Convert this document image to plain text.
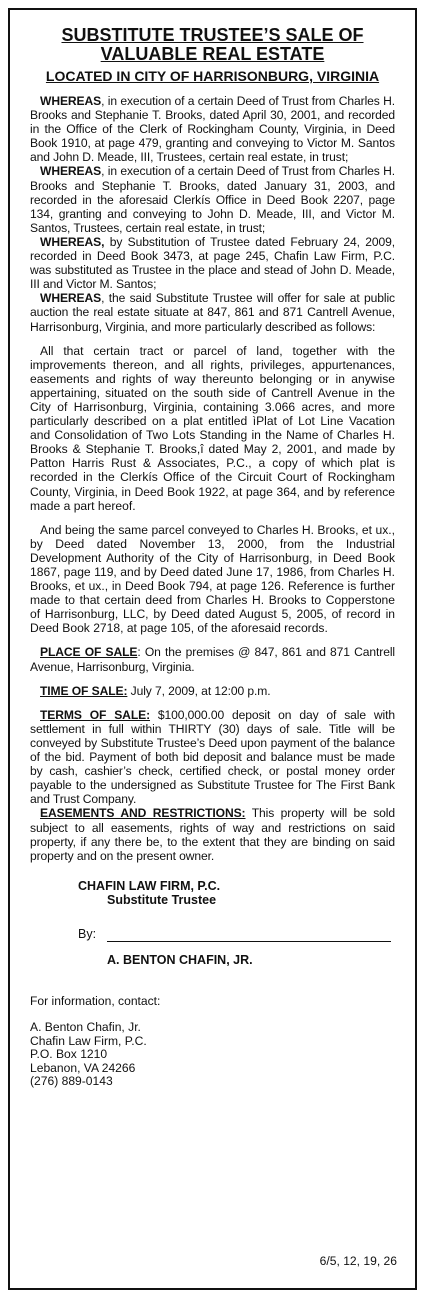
SUBSTITUTE TRUSTEE’S SALE OF

VALUABLE REAL ESTATE

LOCATED IN CITY OF HARRISONBURG, VIRGINIA

WHEREAS, in execution of a certain Deed of Trust from Charles H. Brooks and Stephanie T. Brooks, dated April 30, 2001, and recorded in the Office of the Clerk of Rockingham County, Virginia, in Deed Book 1910, at page 479, granting and conveying to Victor M. Santos and John D. Meade, III, Trustees, certain real estate, in trust;

WHEREAS, in execution of a certain Deed of Trust from Charles H. Brooks and Stephanie T. Brooks, dated January 31, 2003, and recorded in the aforesaid Clerkís Office in Deed Book 2207, page 134, granting and conveying to John D. Meade, III, and Victor M. Santos, Trustees, certain real estate, in trust;

WHEREAS, by Substitution of Trustee dated February 24, 2009, recorded in Deed Book 3473, at page 245, Chafin Law Firm, P.C. was substituted as Trustee in the place and stead of John D. Meade, III and Victor M. Santos;

WHEREAS, the said Substitute Trustee will offer for sale at public auction the real estate situate at 847, 861 and 871 Cantrell Avenue, Harrisonburg, Virginia, and more particularly described as follows:

All that certain tract or parcel of land, together with the improvements thereon, and all rights, privileges, appurtenances, easements and rights of way thereunto belonging or in anywise appertaining, situated on the south side of Cantrell Avenue in the City of Harrisonburg, Virginia, containing 3.066 acres, and more particularly described on a plat entitled ìPlat of Lot Line Vacation and Consolidation of Two Lots Standing in the Name of Charles H. Brooks & Stephanie T. Brooks,î dated May 2, 2001, and made by Patton Harris Rust & Associates, P.C., a copy of which plat is recorded in the Clerkís Office of the Circuit Court of Rockingham County, Virginia, in Deed Book 1922, at page 364, and by reference made a part hereof.

And being the same parcel conveyed to Charles H. Brooks, et ux., by Deed dated November 13, 2000, from the Industrial Development Authority of the City of Harrisonburg, in Deed Book 1867, page 119, and by Deed dated June 17, 1986, from Charles H. Brooks, et ux., in Deed Book 794, at page 126. Reference is further made to that certain deed from Charles H. Brooks to Copperstone of Harrisonburg, LLC, by Deed dated August 5, 2005, of record in Deed Book 2718, at page 105, of the aforesaid records.

PLACE OF SALE: On the premises @ 847, 861 and 871 Cantrell Avenue, Harrisonburg, Virginia.

TIME OF SALE: July 7, 2009, at 12:00 p.m.

TERMS OF SALE: $100,000.00 deposit on day of sale with settlement in full within THIRTY (30) days of sale. Title will be conveyed by Substitute Trustee’s Deed upon payment of the balance of the bid. Payment of both bid deposit and balance must be made by cash, cashier’s check, certified check, or postal money order payable to the undersigned as Substitute Trustee for The First Bank and Trust Company.

EASEMENTS AND RESTRICTIONS: This property will be sold subject to all easements, rights of way and restrictions on said property, if any there be, to the extent that they are binding on said property and on the present owner.

CHAFIN LAW FIRM, P.C.

Substitute Trustee

By:

A. BENTON CHAFIN, JR.

For information, contact:

A. Benton Chafin, Jr.

Chafin Law Firm, P.C.

P.O. Box 1210

Lebanon, VA 24266

(276) 889-0143

6/5, 12, 19, 26
